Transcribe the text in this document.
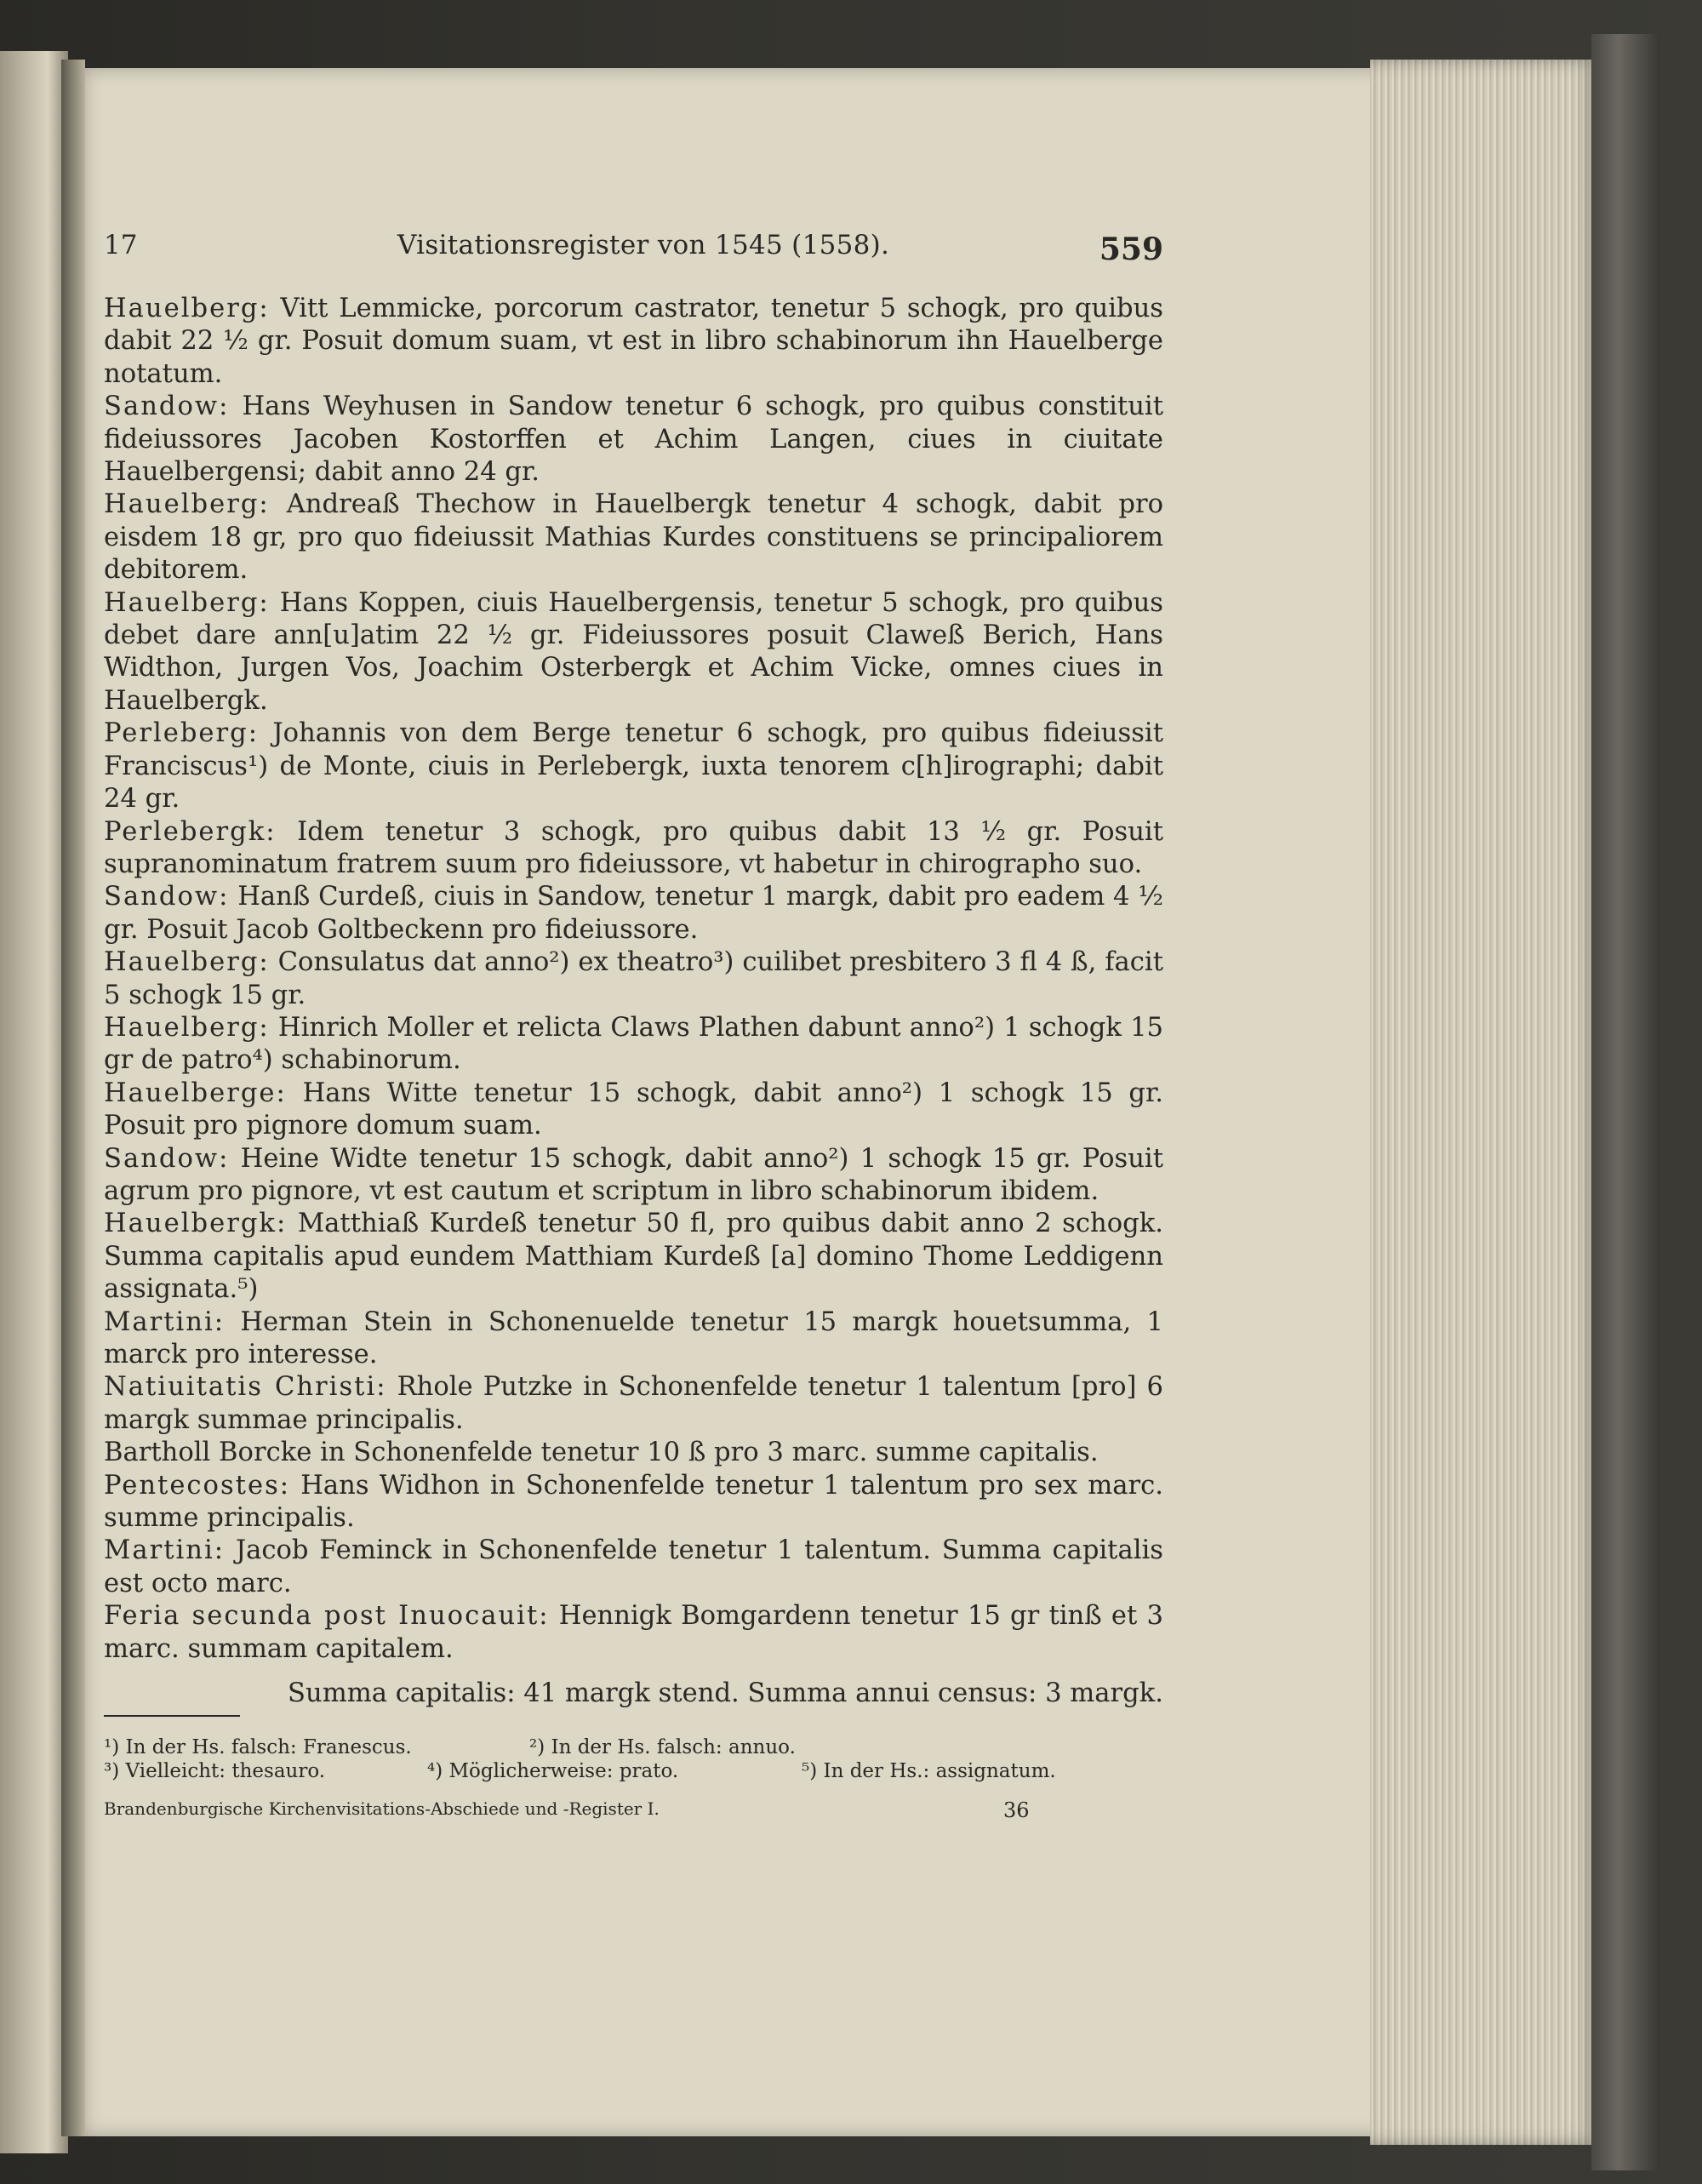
17	Visitationsregister von 1545 (1558).	559

Hauelberg: Vitt Lemmicke, porcorum castrator, tenetur 5 schogk, pro quibus dabit 22 ½ gr. Posuit domum suam, vt est in libro schabinorum ihn Hauelberge notatum.

Sandow: Hans Weyhusen in Sandow tenetur 6 schogk, pro quibus constituit fideiussores Jacoben Kostorffen et Achim Langen, ciues in ciuitate Hauelbergensi; dabit anno 24 gr.

Hauelberg: Andreaß Thechow in Hauelbergk tenetur 4 schogk, dabit pro eisdem 18 gr, pro quo fideiussit Mathias Kurdes constituens se principaliorem debitorem.

Hauelberg: Hans Koppen, ciuis Hauelbergensis, tenetur 5 schogk, pro quibus debet dare ann[u]atim 22 ½ gr. Fideiussores posuit Claweß Berich, Hans Widthon, Jurgen Vos, Joachim Osterbergk et Achim Vicke, omnes ciues in Hauelbergk.

Perleberg: Johannis von dem Berge tenetur 6 schogk, pro quibus fideiussit Franciscus¹) de Monte, ciuis in Perlebergk, iuxta tenorem c[h]irographi; dabit 24 gr.

Perlebergk: Idem tenetur 3 schogk, pro quibus dabit 13 ½ gr. Posuit supranominatum fratrem suum pro fideiussore, vt habetur in chirographo suo.

Sandow: Hanß Curdeß, ciuis in Sandow, tenetur 1 margk, dabit pro eadem 4 ½ gr. Posuit Jacob Goltbeckenn pro fideiussore.

Hauelberg: Consulatus dat anno²) ex theatro³) cuilibet presbitero 3 fl 4 ß, facit 5 schogk 15 gr.

Hauelberg: Hinrich Moller et relicta Claws Plathen dabunt anno²) 1 schogk 15 gr de patro⁴) schabinorum.

Hauelberge: Hans Witte tenetur 15 schogk, dabit anno²) 1 schogk 15 gr. Posuit pro pignore domum suam.

Sandow: Heine Widte tenetur 15 schogk, dabit anno²) 1 schogk 15 gr. Posuit agrum pro pignore, vt est cautum et scriptum in libro schabinorum ibidem.

Hauelbergk: Matthiaß Kurdeß tenetur 50 fl, pro quibus dabit anno 2 schogk. Summa capitalis apud eundem Matthiam Kurdeß [a] domino Thome Leddigenn assignata.⁵)

Martini: Herman Stein in Schonenuelde tenetur 15 margk houetsumma, 1 marck pro interesse.

Natiuitatis Christi: Rhole Putzke in Schonenfelde tenetur 1 talentum [pro] 6 margk summae principalis.

Bartholl Borcke in Schonenfelde tenetur 10 ß pro 3 marc. summe capitalis.

Pentecostes: Hans Widhon in Schonenfelde tenetur 1 talentum pro sex marc. summe principalis.

Martini: Jacob Feminck in Schonenfelde tenetur 1 talentum. Summa capitalis est octo marc.

Feria secunda post Inuocauit: Hennigk Bomgardenn tenetur 15 gr tinß et 3 marc. summam capitalem.

Summa capitalis: 41 margk stend. Summa annui census: 3 margk.
¹) In der Hs. falsch: Franescus.	²) In der Hs. falsch: annuo.
³) Vielleicht: thesauro.	⁴) Möglicherweise: prato.	⁵) In der Hs.: assignatum.
Brandenburgische Kirchenvisitations-Abschiede und -Register I.	36
